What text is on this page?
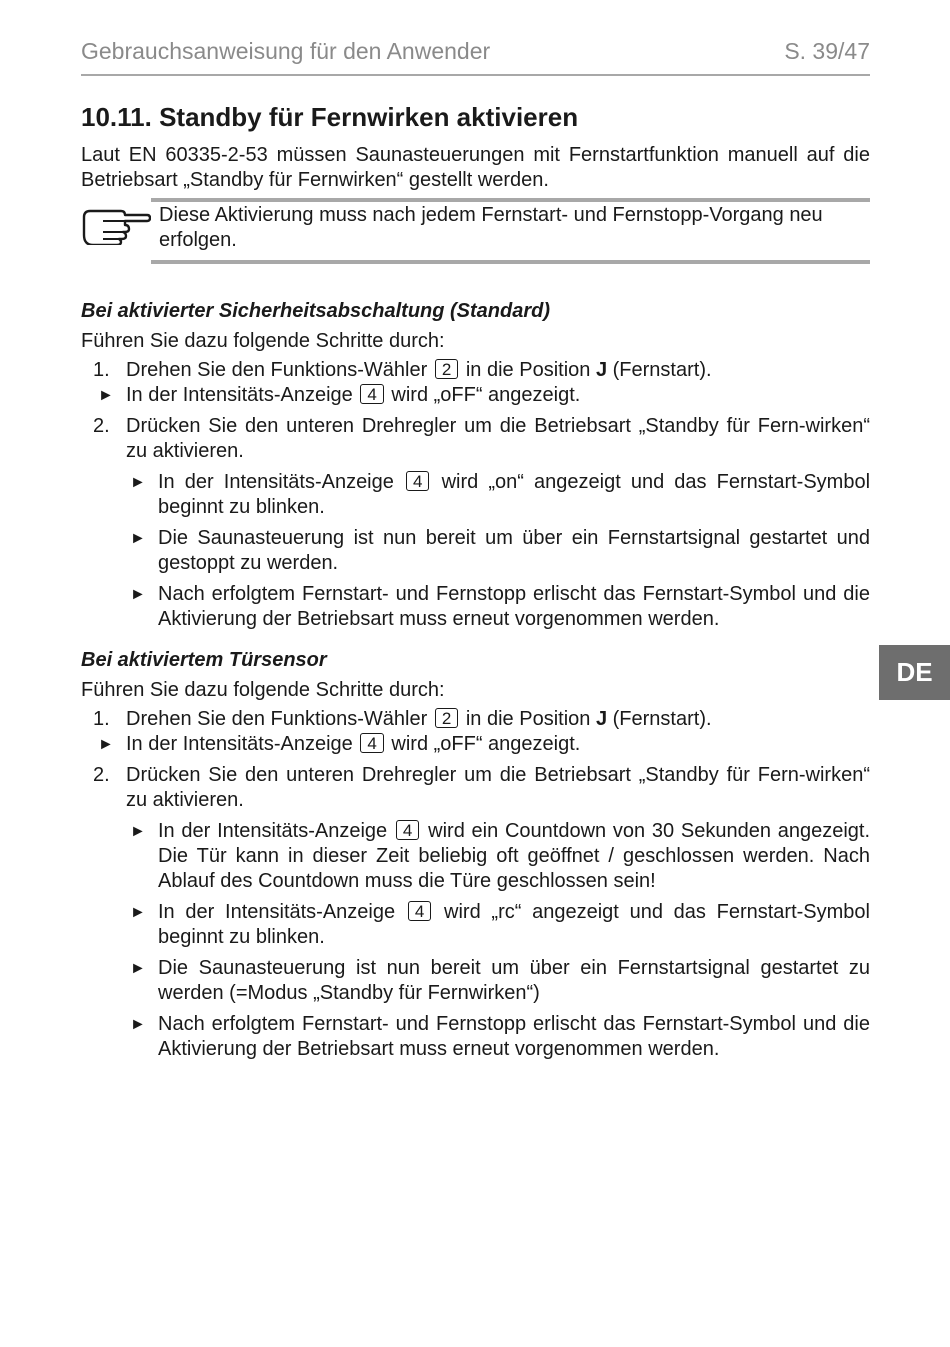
Gebrauchsanweisung für den Anwender	S. 39/47
DE
10.11. Standby für Fernwirken aktivieren

Laut EN 60335-2-53 müssen Saunasteuerungen mit Fernstartfunktion manuell auf die Betriebsart „Standby für Fernwirken“ gestellt werden.

Diese Aktivierung muss nach jedem Fernstart- und Fernstopp-Vorgang neu erfolgen.
Bei aktivierter Sicherheitsabschaltung (Standard)

Führen Sie dazu folgende Schritte durch:

1. Drehen Sie den Funktions-Wähler 2 in die Position J (Fernstart).
► In der Intensitäts-Anzeige 4 wird „oFF“ angezeigt.
2. Drücken Sie den unteren Drehregler um die Betriebsart „Standby für Fern-wirken“ zu aktivieren.
► In der Intensitäts-Anzeige 4 wird „on“ angezeigt und das Fernstart-Symbol beginnt zu blinken.
► Die Saunasteuerung ist nun bereit um über ein Fernstartsignal gestartet und gestoppt zu werden.
► Nach erfolgtem Fernstart- und Fernstopp erlischt das Fernstart-Symbol und die Aktivierung der Betriebsart muss erneut vorgenommen werden.
Bei aktiviertem Türsensor

Führen Sie dazu folgende Schritte durch:

1. Drehen Sie den Funktions-Wähler 2 in die Position J (Fernstart).
► In der Intensitäts-Anzeige 4 wird „oFF“ angezeigt.
2. Drücken Sie den unteren Drehregler um die Betriebsart „Standby für Fern-wirken“ zu aktivieren.
► In der Intensitäts-Anzeige 4 wird ein Countdown von 30 Sekunden angezeigt. Die Tür kann in dieser Zeit beliebig oft geöffnet / geschlossen werden. Nach Ablauf des Countdown muss die Türe geschlossen sein!
► In der Intensitäts-Anzeige 4 wird „rc“ angezeigt und das Fernstart-Symbol beginnt zu blinken.
► Die Saunasteuerung ist nun bereit um über ein Fernstartsignal gestartet zu werden (=Modus „Standby für Fernwirken“)
► Nach erfolgtem Fernstart- und Fernstopp erlischt das Fernstart-Symbol und die Aktivierung der Betriebsart muss erneut vorgenommen werden.
